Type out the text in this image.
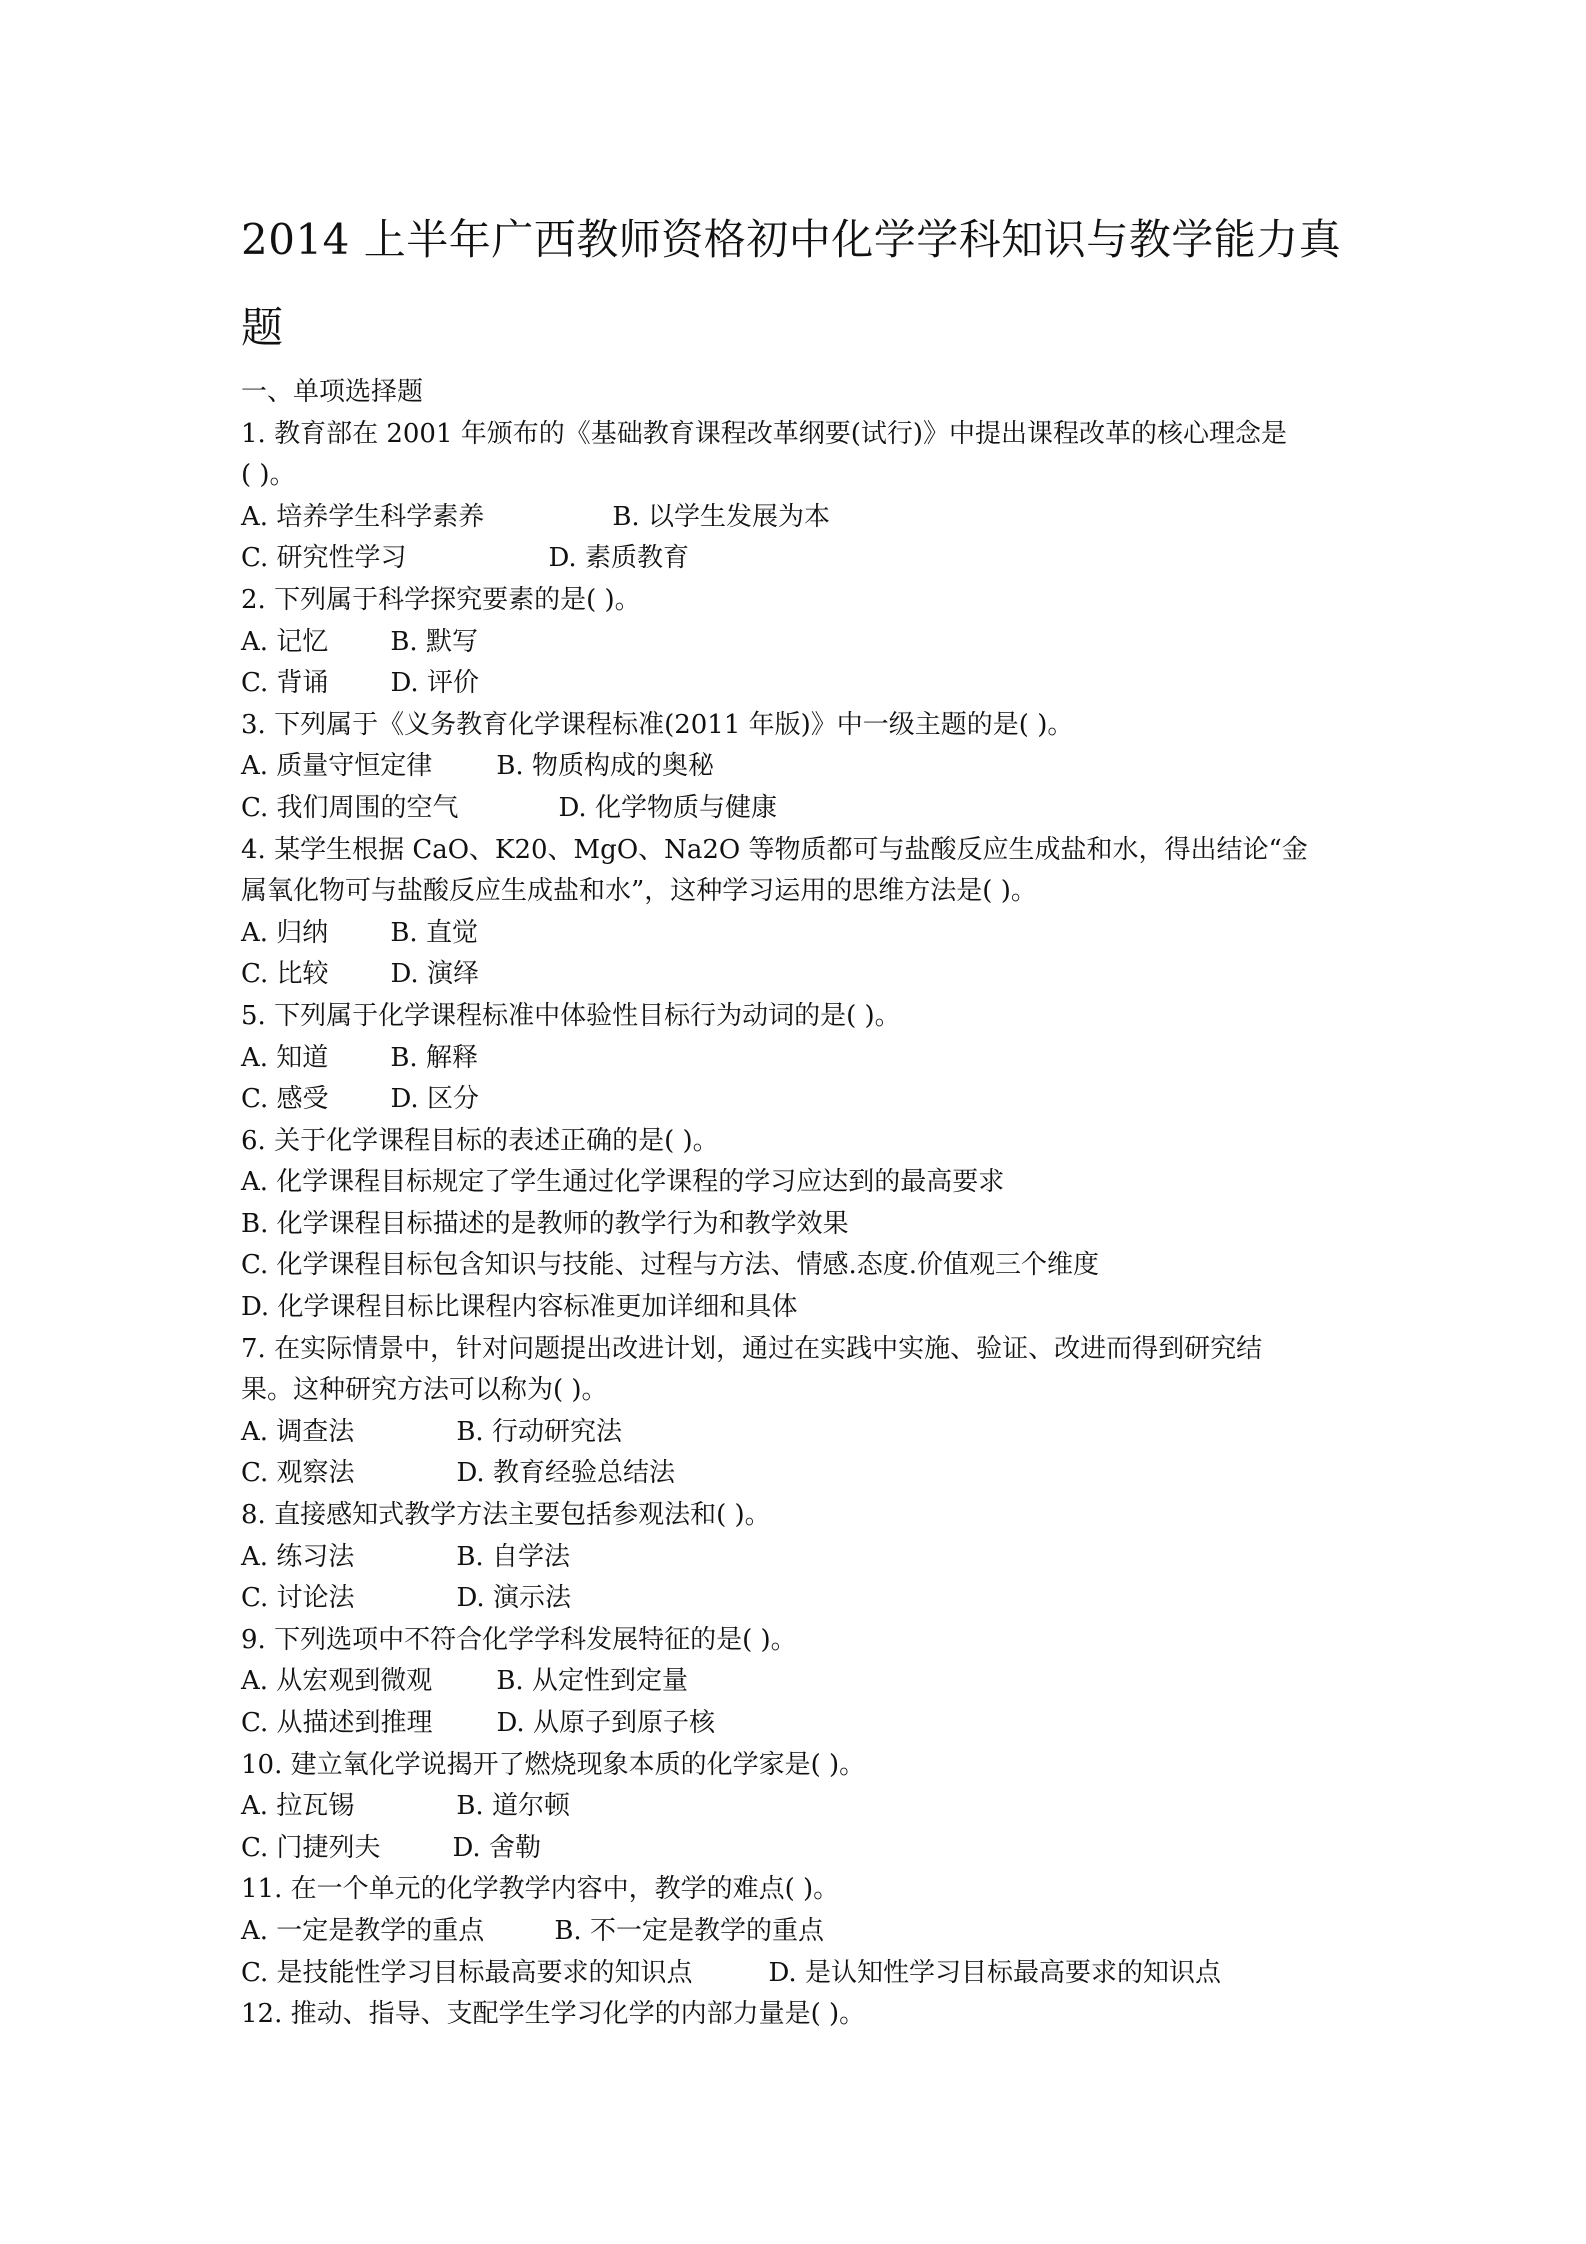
2014 上半年广西教师资格初中化学学科知识与教学能力真
题
一、单项选择题
1. 教育部在 2001 年颁布的《基础教育课程改革纲要(试行)》中提出课程改革的核心理念是
( )。
A. 培养学生科学素养	B. 以学生发展为本
C. 研究性学习	D. 素质教育
2. 下列属于科学探究要素的是( )。
A. 记忆 B. 默写
C. 背诵 D. 评价
3. 下列属于《义务教育化学课程标准(2011 年版)》中一级主题的是( )。
A. 质量守恒定律 B. 物质构成的奥秘
C. 我们周围的空气	D. 化学物质与健康
4. 某学生根据 CaO、K20、MgO、Na2O 等物质都可与盐酸反应生成盐和水，得出结论“金
属氧化物可与盐酸反应生成盐和水”，这种学习运用的思维方法是( )。
A. 归纳 B. 直觉
C. 比较 D. 演绎
5. 下列属于化学课程标准中体验性目标行为动词的是( )。
A. 知道 B. 解释
C. 感受 D. 区分
6. 关于化学课程目标的表述正确的是( )。
A. 化学课程目标规定了学生通过化学课程的学习应达到的最高要求
B. 化学课程目标描述的是教师的教学行为和教学效果
C. 化学课程目标包含知识与技能、过程与方法、情感.态度.价值观三个维度
D. 化学课程目标比课程内容标准更加详细和具体
7. 在实际情景中，针对问题提出改进计划，通过在实践中实施、验证、改进而得到研究结
果。这种研究方法可以称为( )。
A. 调查法	B. 行动研究法
C. 观察法	D. 教育经验总结法
8. 直接感知式教学方法主要包括参观法和( )。
A. 练习法	B. 自学法
C. 讨论法	D. 演示法
9. 下列选项中不符合化学学科发展特征的是( )。
A. 从宏观到微观 B. 从定性到定量
C. 从描述到推理 D. 从原子到原子核
10. 建立氧化学说揭开了燃烧现象本质的化学家是( )。
A. 拉瓦锡	B. 道尔顿
C. 门捷列夫	D. 舍勒
11. 在一个单元的化学教学内容中，教学的难点( )。
A. 一定是教学的重点	B. 不一定是教学的重点
C. 是技能性学习目标最高要求的知识点	D. 是认知性学习目标最高要求的知识点
12. 推动、指导、支配学生学习化学的内部力量是( )。
